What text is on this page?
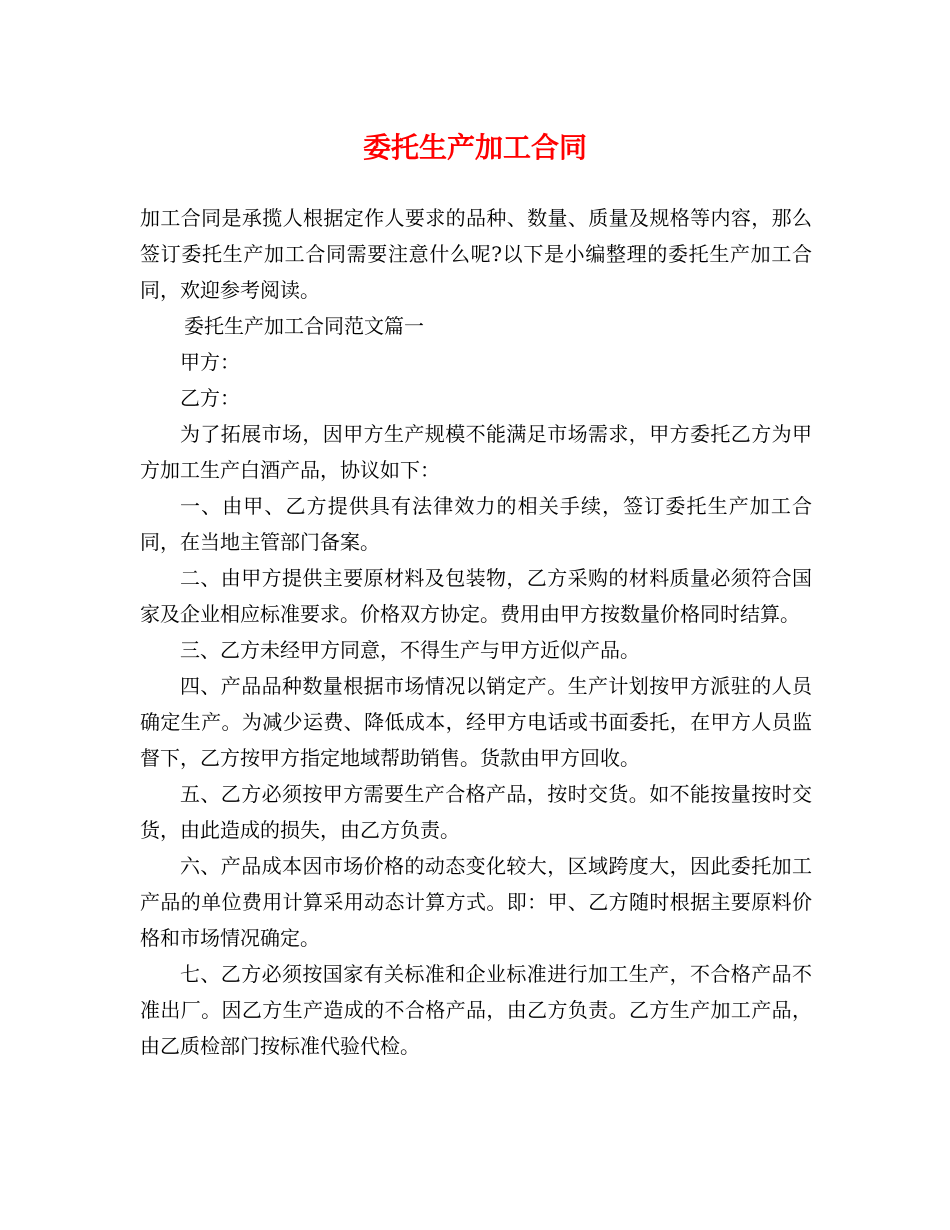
委托生产加工合同

加工合同是承揽人根据定作人要求的品种、数量、质量及规格等内容，那么签订委托生产加工合同需要注意什么呢?以下是小编整理的委托生产加工合同，欢迎参考阅读。

委托生产加工合同范文篇一

甲方：

乙方：

为了拓展市场，因甲方生产规模不能满足市场需求，甲方委托乙方为甲方加工生产白酒产品，协议如下：

一、由甲、乙方提供具有法律效力的相关手续，签订委托生产加工合同，在当地主管部门备案。

二、由甲方提供主要原材料及包装物，乙方采购的材料质量必须符合国家及企业相应标准要求。价格双方协定。费用由甲方按数量价格同时结算。

三、乙方未经甲方同意，不得生产与甲方近似产品。

四、产品品种数量根据市场情况以销定产。生产计划按甲方派驻的人员确定生产。为减少运费、降低成本，经甲方电话或书面委托，在甲方人员监督下，乙方按甲方指定地域帮助销售。货款由甲方回收。

五、乙方必须按甲方需要生产合格产品，按时交货。如不能按量按时交货，由此造成的损失，由乙方负责。

六、产品成本因市场价格的动态变化较大，区域跨度大，因此委托加工产品的单位费用计算采用动态计算方式。即：甲、乙方随时根据主要原料价格和市场情况确定。

七、乙方必须按国家有关标准和企业标准进行加工生产，不合格产品不准出厂。因乙方生产造成的不合格产品，由乙方负责。乙方生产加工产品，由乙质检部门按标准代验代检。
